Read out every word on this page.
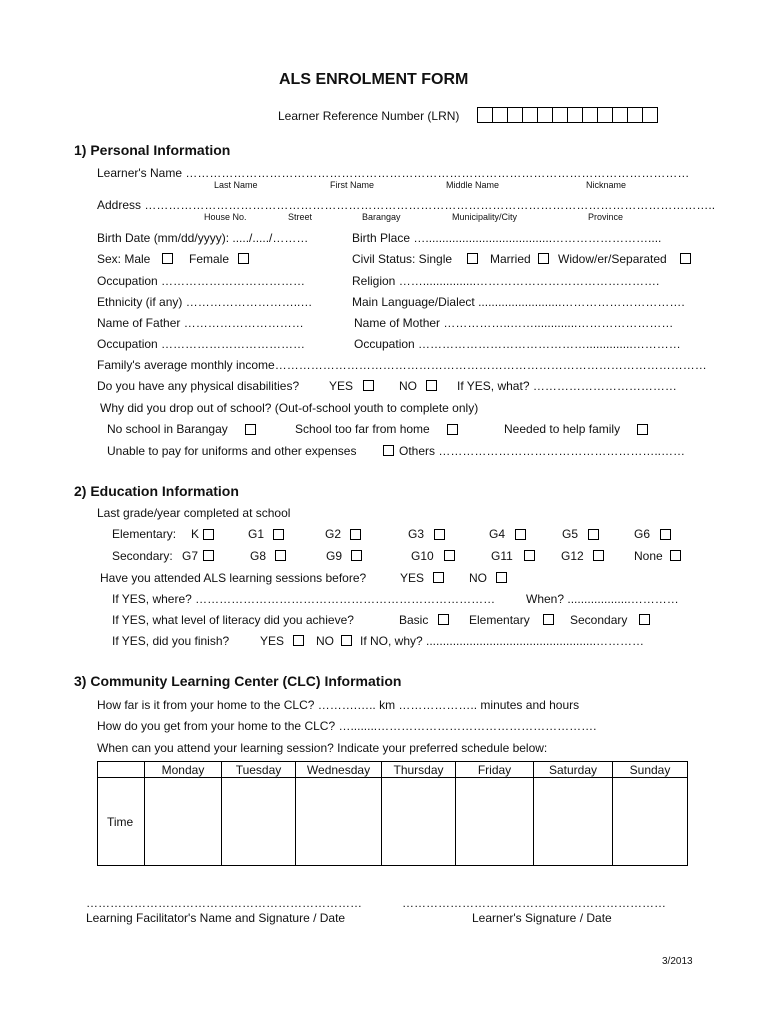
ALS ENROLMENT FORM
Learner Reference Number (LRN)
1) Personal Information
Learner's Name ………………………………………………………………………………………………………………
Last Name	First Name	Middle Name	Nickname
Address ……………………………………………………………………………………………………………………………..
House No.	Street	Barangay	Municipality/City	Province
Birth Date (mm/dd/yyyy): ...../...../………	Birth Place …......................................……………………....
Sex: Male	Female	Civil Status: Single	Married Widow/er/Separated
Occupation ………………………………	Religion ……................……………………………………….
Ethnicity (if any) ………………………..…	Main Language/Dialect .........................………………………….
Name of Father …………………………	Name of Mother ……………..…….............……………………
Occupation ………………………………	Occupation ……………………………………..............…………
Family's average monthly income………………………………………………………………………………………………
Do you have any physical disabilities? YES	NO	If YES, what? ………………………………
Why did you drop out of school? (Out-of-school youth to complete only)
No school in Barangay	School too far from home	Needed to help family
Unable to pay for uniforms and other expenses	Others ………………………………………………..……
2) Education Information
Last grade/year completed at school
Elementary: K	G1	G2	G3	G4	G5	G6
Secondary: G7	G8	G9	G10	G11	G12	None
Have you attended ALS learning sessions before?	YES	NO
If YES, where? …………………………………………………………………	When? ...................…………
If YES, what level of literacy did you achieve?	Basic	Elementary	Secondary
If YES, did you finish?	YES	NO If NO, why? ...................................................…………
3) Community Learning Center (CLC) Information
How far is it from your home to the CLC? ……….….. km ……………….. minutes and hours
How do you get from your home to the CLC? …........……………………………………………….
When can you attend your learning session? Indicate your preferred schedule below:
	Monday	Tuesday	Wednesday	Thursday	Friday	Saturday	Sunday
Time							
……………………………………………………………	…………………………………………………………
Learning Facilitator's Name and Signature / Date	Learner's Signature / Date
3/2013
